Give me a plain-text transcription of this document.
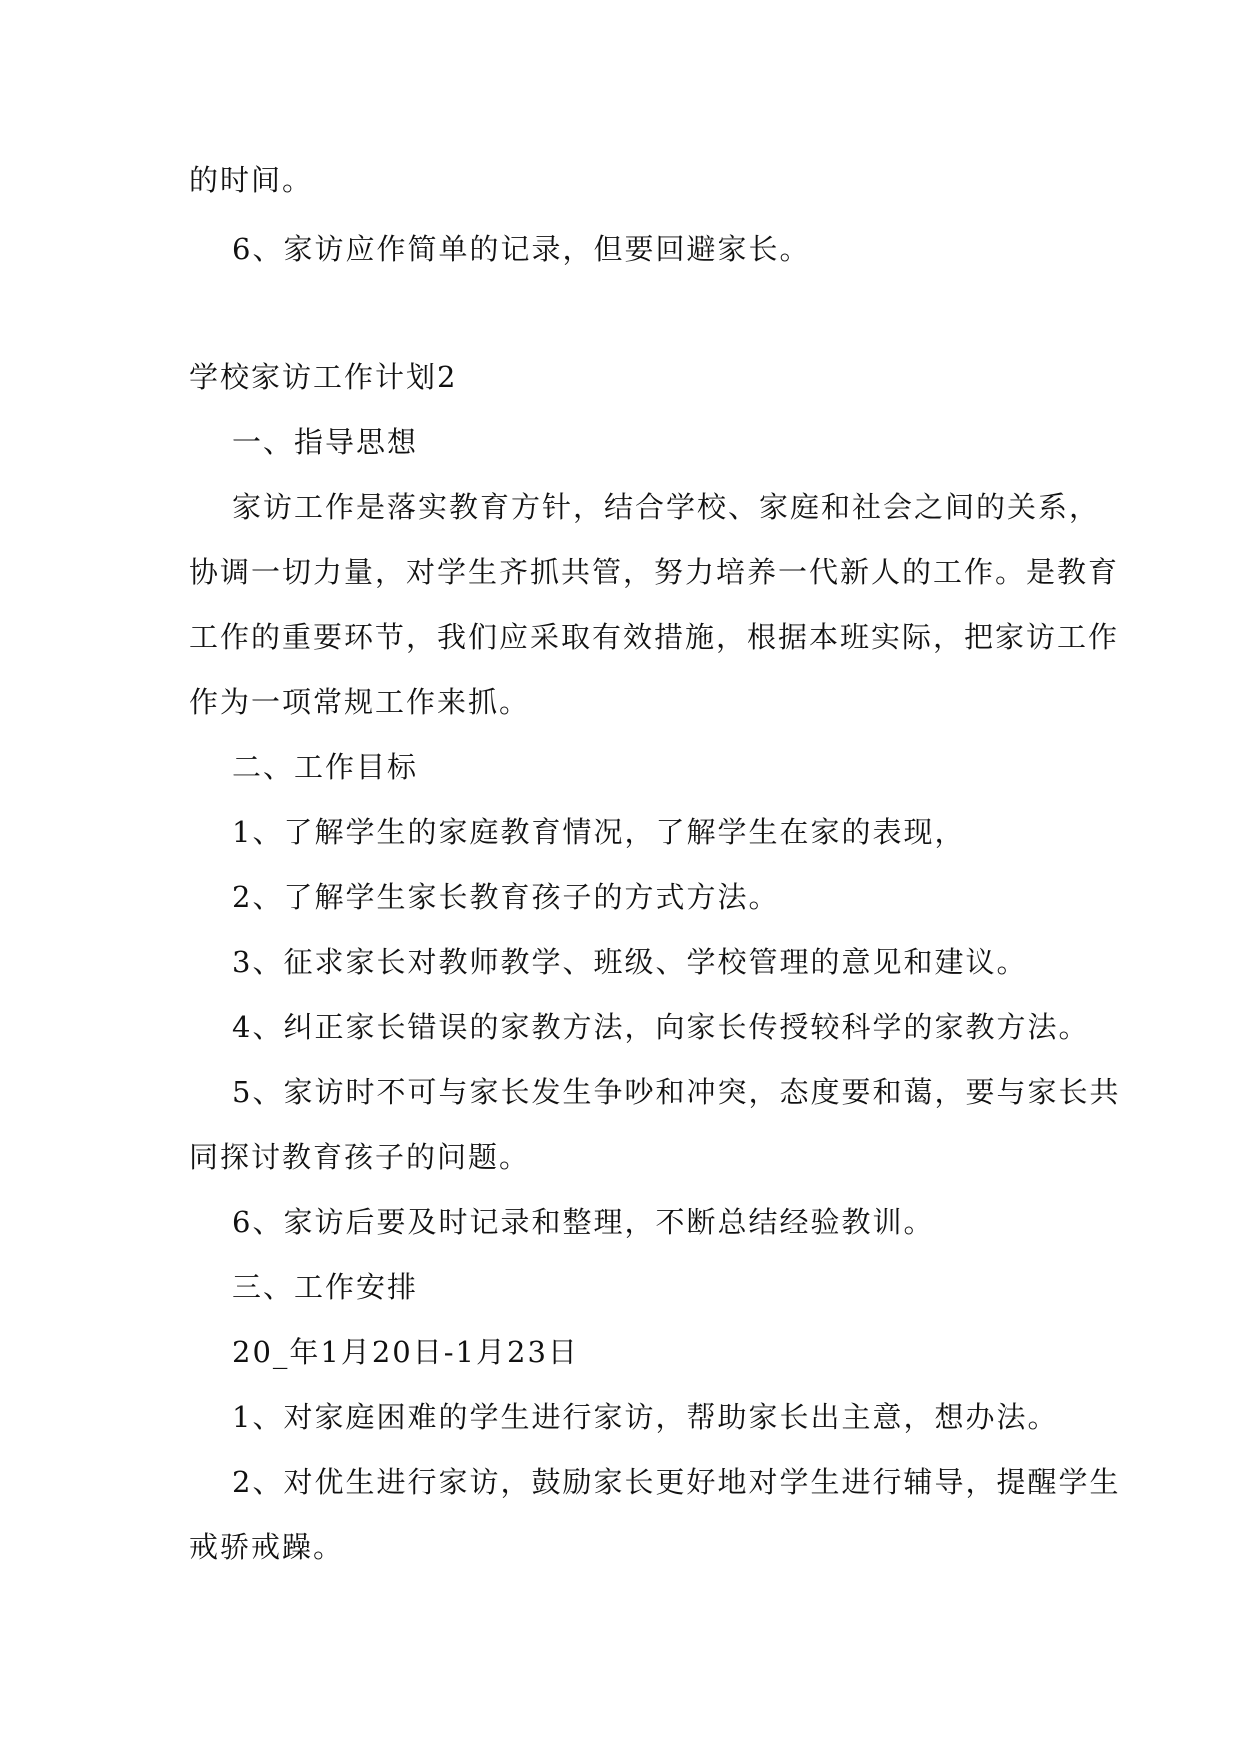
的时间。
6、家访应作简单的记录，但要回避家长。
学校家访工作计划2
一、指导思想
家访工作是落实教育方针，结合学校、家庭和社会之间的关系，
协调一切力量，对学生齐抓共管，努力培养一代新人的工作。是教育
工作的重要环节，我们应采取有效措施，根据本班实际，把家访工作
作为一项常规工作来抓。
二、工作目标
1、了解学生的家庭教育情况，了解学生在家的表现，
2、了解学生家长教育孩子的方式方法。
3、征求家长对教师教学、班级、学校管理的意见和建议。
4、纠正家长错误的家教方法，向家长传授较科学的家教方法。
5、家访时不可与家长发生争吵和冲突，态度要和蔼，要与家长共
同探讨教育孩子的问题。
6、家访后要及时记录和整理，不断总结经验教训。
三、工作安排
20_年1月20日-1月23日
1、对家庭困难的学生进行家访，帮助家长出主意，想办法。
2、对优生进行家访，鼓励家长更好地对学生进行辅导，提醒学生
戒骄戒躁。
